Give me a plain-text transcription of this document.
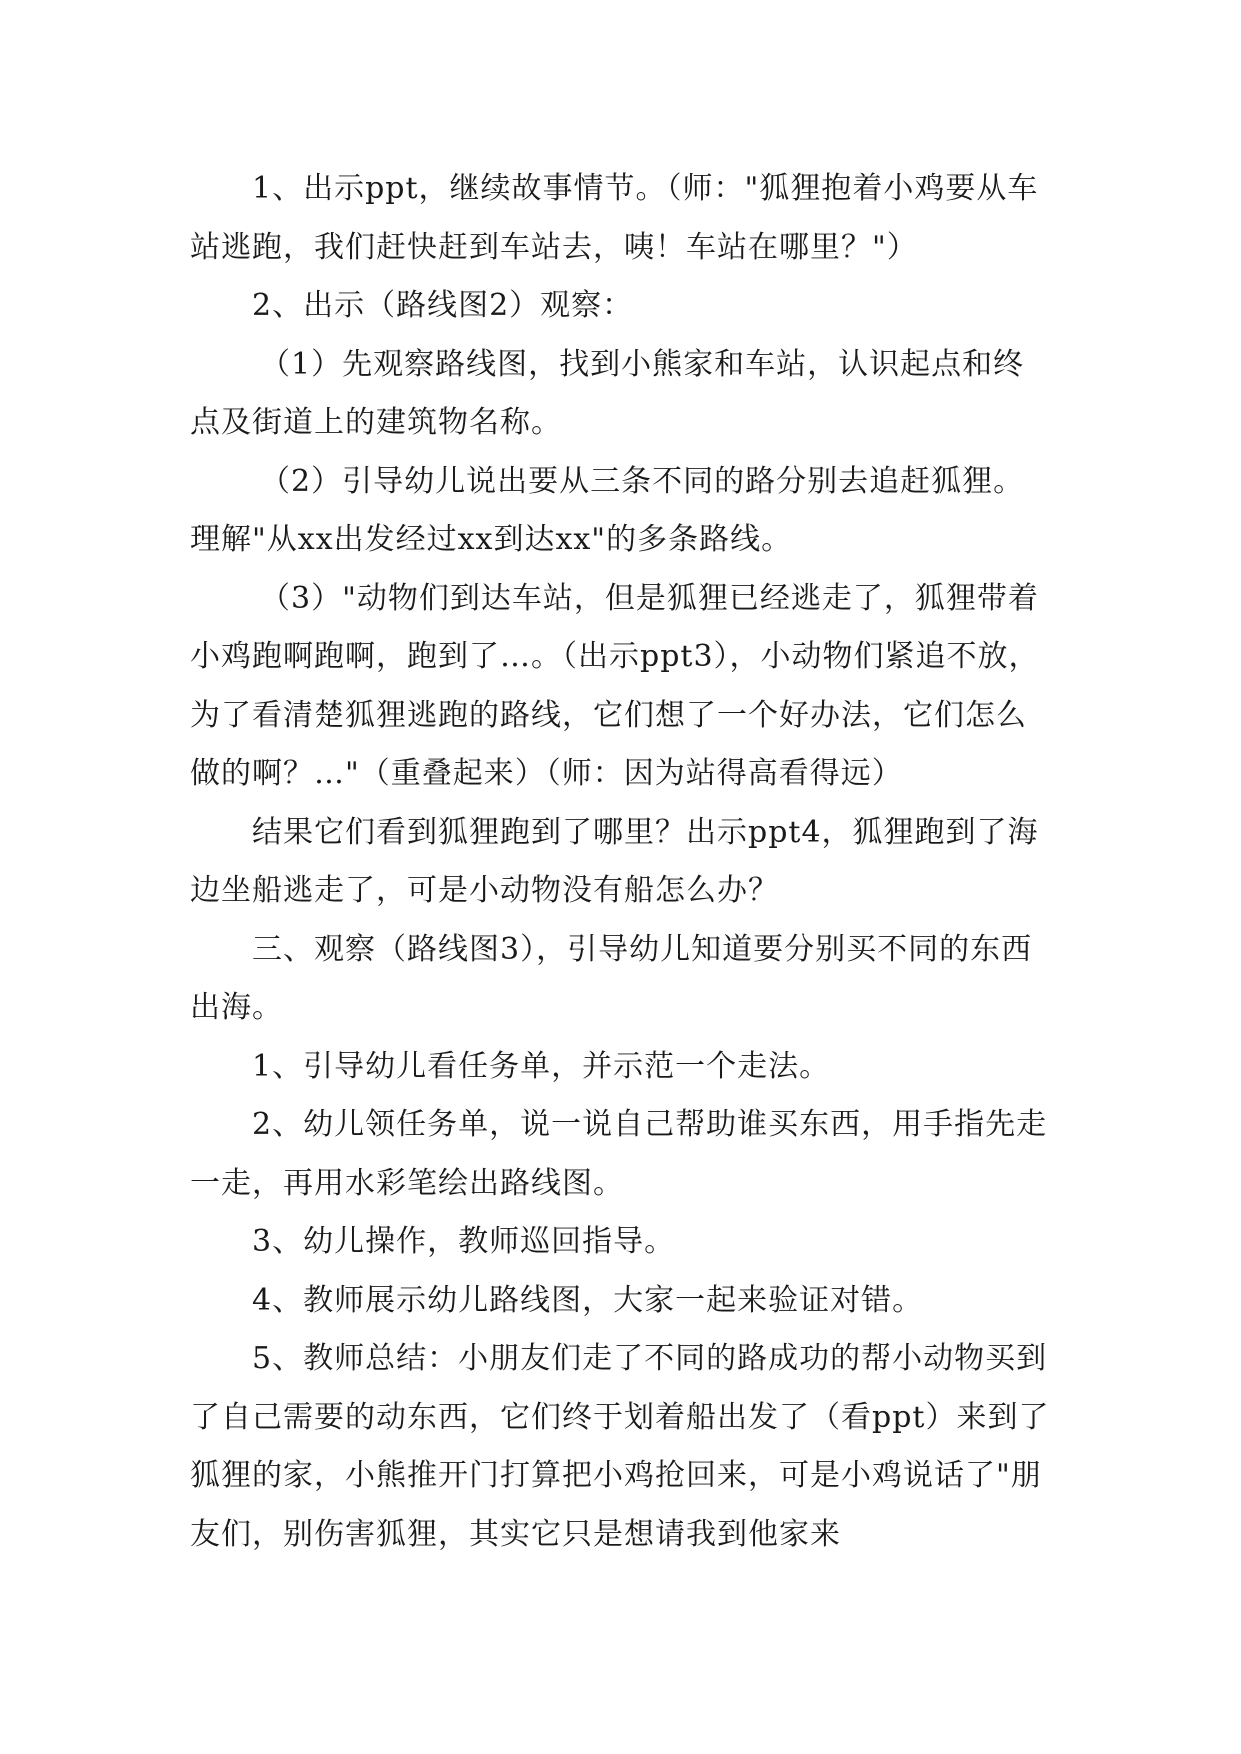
1、出示ppt，继续故事情节。（师："狐狸抱着小鸡要从车站逃跑，我们赶快赶到车站去，咦！车站在哪里？"）

2、出示（路线图2）观察：

（1）先观察路线图，找到小熊家和车站，认识起点和终点及街道上的建筑物名称。

（2）引导幼儿说出要从三条不同的路分别去追赶狐狸。理解"从xx出发经过xx到达xx"的多条路线。

（3）"动物们到达车站，但是狐狸已经逃走了，狐狸带着小鸡跑啊跑啊，跑到了…。（出示ppt3），小动物们紧追不放，为了看清楚狐狸逃跑的路线，它们想了一个好办法，它们怎么做的啊？…"（重叠起来）（师：因为站得高看得远）

结果它们看到狐狸跑到了哪里？出示ppt4，狐狸跑到了海边坐船逃走了，可是小动物没有船怎么办？

三、观察（路线图3），引导幼儿知道要分别买不同的东西出海。

1、引导幼儿看任务单，并示范一个走法。

2、幼儿领任务单，说一说自己帮助谁买东西，用手指先走一走，再用水彩笔绘出路线图。

3、幼儿操作，教师巡回指导。

4、教师展示幼儿路线图，大家一起来验证对错。

5、教师总结：小朋友们走了不同的路成功的帮小动物买到了自己需要的动东西，它们终于划着船出发了（看ppt）来到了狐狸的家，小熊推开门打算把小鸡抢回来，可是小鸡说话了"朋友们，别伤害狐狸，其实它只是想请我到他家来
